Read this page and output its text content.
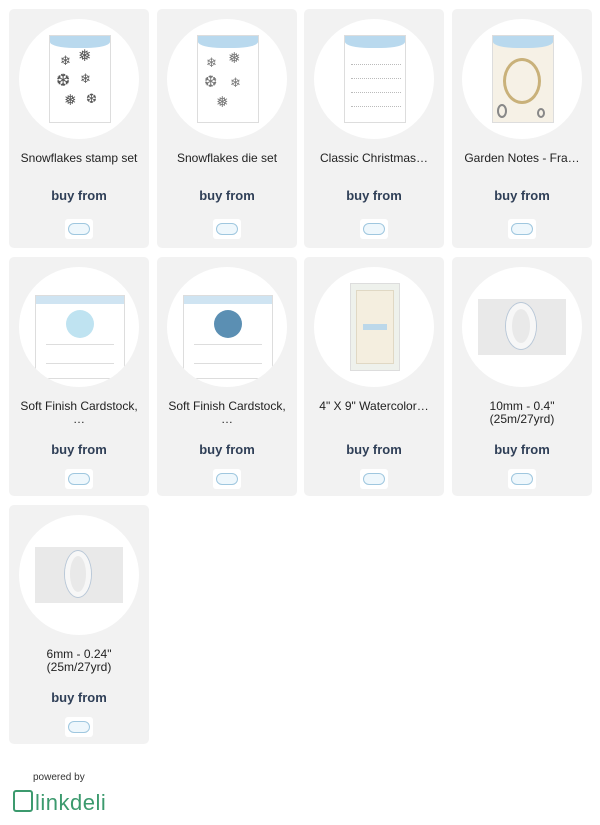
❄ ❅
❆ ❄
❅ ❆
Snowflakes stamp set
buy from
❄ ❅
❆ ❄
❅
Snowflakes die set
buy from
Classic Christmas…
buy from
Garden Notes - Fra…
buy from
Soft Finish Cardstock, …
buy from
Soft Finish Cardstock, …
buy from
4" X 9" Watercolor…
buy from
10mm - 0.4" (25m/27yrd)
buy from
6mm - 0.24" (25m/27yrd)
buy from
powered by
linkdeli
